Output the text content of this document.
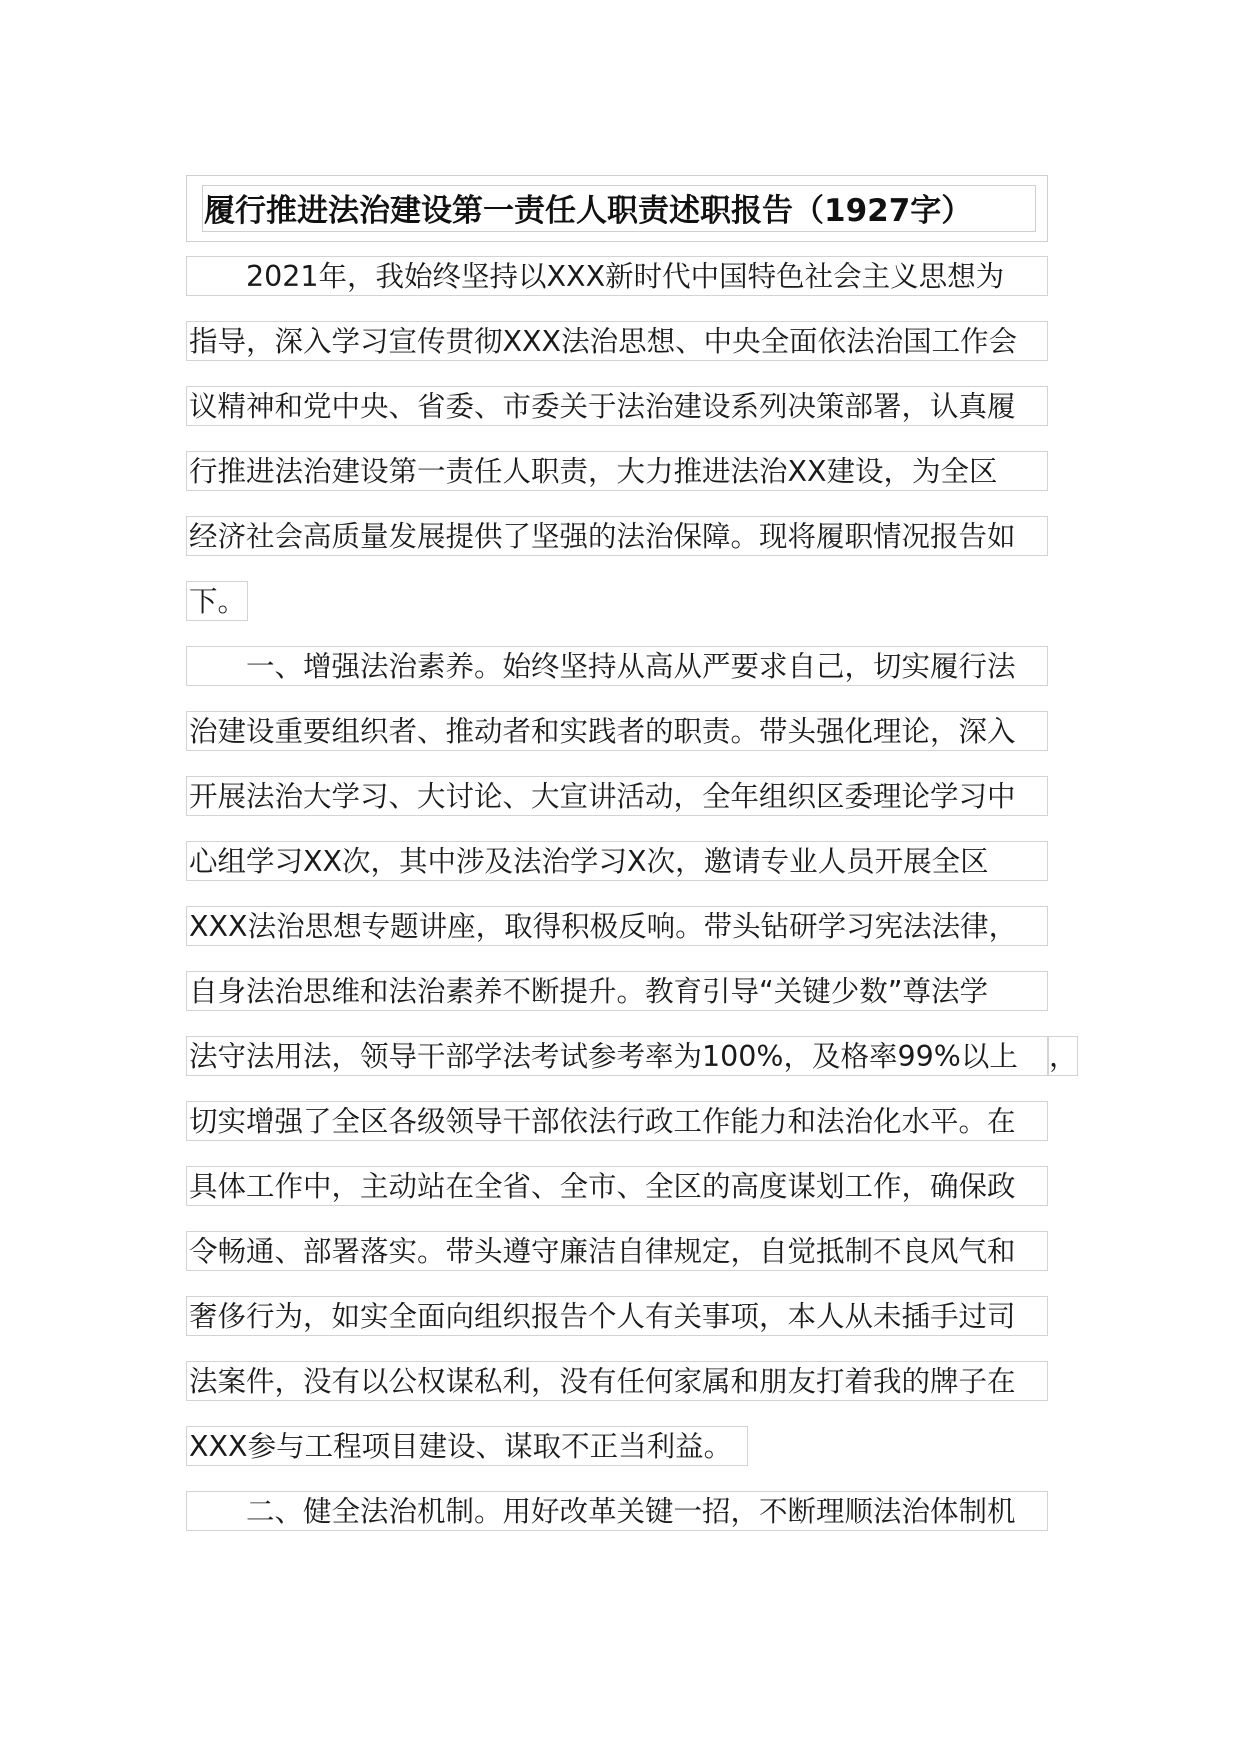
履行推进法治建设第一责任人职责述职报告（1927字）
　　2021年，我始终坚持以XXX新时代中国特色社会主义思想为
指导，深入学习宣传贯彻XXX法治思想、中央全面依法治国工作会
议精神和党中央、省委、市委关于法治建设系列决策部署，认真履
行推进法治建设第一责任人职责，大力推进法治XX建设，为全区
经济社会高质量发展提供了坚强的法治保障。现将履职情况报告如
下。
　　一、增强法治素养。始终坚持从高从严要求自己，切实履行法
治建设重要组织者、推动者和实践者的职责。带头强化理论，深入
开展法治大学习、大讨论、大宣讲活动，全年组织区委理论学习中
心组学习XX次，其中涉及法治学习X次，邀请专业人员开展全区
XXX法治思想专题讲座，取得积极反响。带头钻研学习宪法法律，
自身法治思维和法治素养不断提升。教育引导“关键少数”尊法学
法守法用法，领导干部学法考试参考率为100%，及格率99%以上	，
切实增强了全区各级领导干部依法行政工作能力和法治化水平。在
具体工作中，主动站在全省、全市、全区的高度谋划工作，确保政
令畅通、部署落实。带头遵守廉洁自律规定，自觉抵制不良风气和
奢侈行为，如实全面向组织报告个人有关事项，本人从未插手过司
法案件，没有以公权谋私利，没有任何家属和朋友打着我的牌子在
XXX参与工程项目建设、谋取不正当利益。
　　二、健全法治机制。用好改革关键一招，不断理顺法治体制机
